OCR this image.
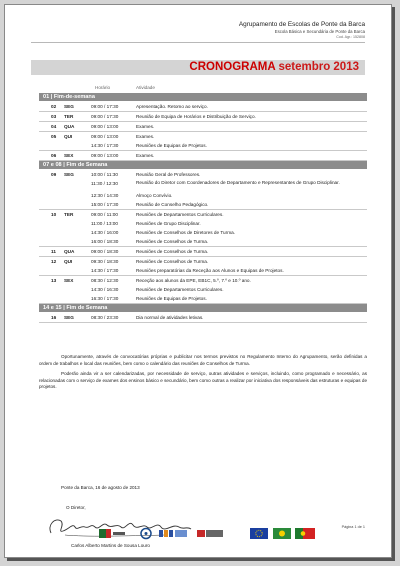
Agrupamento de Escolas de Ponte da Barca
Escola Básica e Secundária de Ponte da Barca
Cod. Agr.: 152808
CRONOGRAMA setembro 2013
Horário	Atividade
01 | Fim-de-semana
02 SEG	09:00 / 17:30	Apresentação. Retomo ao serviço.
03 TER	09:00 / 17:30	Reunião de Equipa de Horários e Distribuição de Serviço.
04 QUA	09:00 / 13:00	Exames.
05 QUI	09:00 / 13:00	Exames.
14:30 / 17:30	Reuniões de Equipas de Projetos.
06 SEX	09:00 / 13:00	Exames.
07 e 08 | Fim de Semana
09 SEG	10:00 / 11:30	Reunião Geral de Professores.
11:30 / 12:30	Reunião do Diretor com Coordenadores de Departamento e Representantes de Grupo Disciplinar.
12:30 / 14:30	Almoço Convívio.
15:00 / 17:30	Reunião de Conselho Pedagógico.
10 TER	09:00 / 11:00	Reuniões de Departamentos Curriculares.
11:00 / 13:00	Reuniões de Grupo Disciplinar.
14:30 / 16:00	Reuniões de Conselhos de Diretores de Turma.
16:00 / 18:30	Reuniões de Conselhos de Turma.
11 QUA	09:00 / 18:30	Reuniões de Conselhos de Turma.
12 QUI	09:30 / 18:30	Reuniões de Conselhos de Turma.
14:30 / 17:30	Reuniões preparatórias da Receção aos Alunos e Equipas de Projetos.
13 SEX	08:30 / 12:30	Receção aos alunos da EPE, EB1C, 5.º, 7.º e 10.º ano.
14:30 / 16:30	Reuniões de Departamentos Curriculares.
16:30 / 17:30	Reuniões de Equipas de Projetos.
14 e 15 | Fim de Semana
16 SEG	08:30 / 23:30	Dia normal de atividades letivas.

Oportunamente, através de convocatórias próprias e publicitar nos termos previstos no Regulamento Interno do Agrupamento, serão definidas a ordem de trabalhos e local das reuniões, bem como o calendário das reuniões de Conselhos de Turma.

Poderão ainda vir a ser calendarizadas, por necessidade de serviço, outras atividades e serviços, incluindo, como programado e necessário, as relacionadas com o serviço de exames dos ensinos básico e secundário, bem como outras a realizar por iniciativa dos responsáveis das estruturas e equipas de projetos.

Ponte da Barca, 16 de agosto de 2013
O Diretor,
Carlos Alberto Martins de Sousa Louro
Página 1 de 1
